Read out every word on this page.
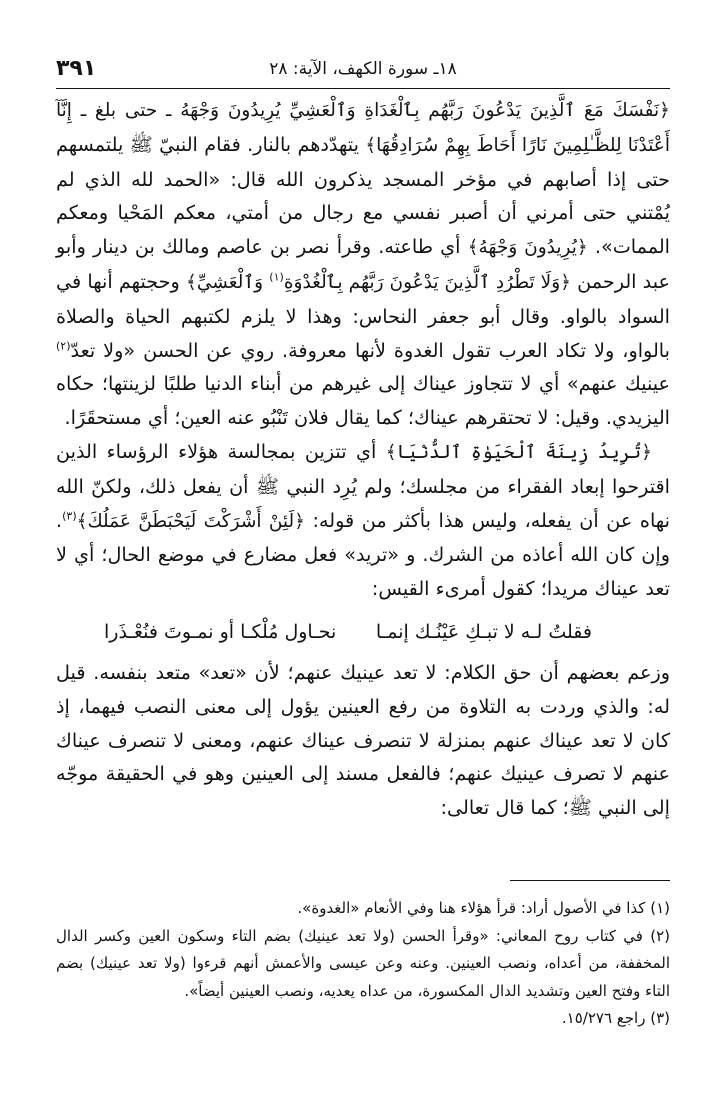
١٨ـ سورة الكهف، الآية: ٢٨
٣٩١

﴿نَفْسَكَ مَعَ ٱلَّذِينَ يَدْعُونَ رَبَّهُم بِٱلْغَدَاةِ وَٱلْعَشِيِّ يُرِيدُونَ وَجْهَهُ ـ حتى بلغ ـ إِنَّآ أَعْتَدْنَا لِلظَّـٰلِمِينَ نَارًا أَحَاطَ بِهِمْ سُرَادِقُهَا﴾ يتهدّدهم بالنار. فقام النبيّ ﷺ يلتمسهم حتى إذا أصابهم في مؤخر المسجد يذكرون الله قال: «الحمد لله الذي لم يُمْتني حتى أمرني أن أصبر نفسي مع رجال من أمتي، معكم المَحْيا ومعكم الممات». ﴿يُرِيدُونَ وَجْهَهُ﴾ أي طاعته. وقرأ نصر بن عاصم ومالك بن دينار وأبو عبد الرحمن ﴿وَلَا تَطْرُدِ ٱلَّذِينَ يَدْعُونَ رَبَّهُم بِٱلْغُدْوَةِ$^{(١)}$ وَٱلْعَشِيِّ﴾ وحجتهم أنها في السواد بالواو. وقال أبو جعفر النحاس: وهذا لا يلزم لكتبهم الحياة والصلاة بالواو، ولا تكاد العرب تقول الغدوة لأنها معروفة. روي عن الحسن «ولا تعدّ$^{(٢)}$ عينيك عنهم» أي لا تتجاوز عيناك إلى غيرهم من أبناء الدنيا طلبًا لزينتها؛ حكاه اليزيدي. وقيل: لا تحتقرهم عيناك؛ كما يقال فلان تَنْبُو عنه العين؛ أي مستحقَرًا.

﴿تُرِيدُ زِينَةَ ٱلْحَيَوٰةِ ٱلدُّنْيَا﴾ أي تتزين بمجالسة هؤلاء الرؤساء الذين اقترحوا إبعاد الفقراء من مجلسك؛ ولم يُرِد النبي ﷺ أن يفعل ذلك، ولكنّ الله نهاه عن أن يفعله، وليس هذا بأكثر من قوله: ﴿لَئِنْ أَشْرَكْتَ لَيَحْبَطَنَّ عَمَلُكَ﴾$^{(٣)}$. وإن كان الله أعاذه من الشرك. و «تريد» فعل مضارع في موضع الحال؛ أي لا تعد عيناك مريدا؛ كقول أمرىء القيس:

فقلتُ لـه لا تبـكِ عَيْنُـك إنمـا
نحـاول مُلْكـا أو نمـوتَ فنُعْـذَرا

وزعم بعضهم أن حق الكلام: لا تعد عينيك عنهم؛ لأن «تعد» متعد بنفسه. قيل له: والذي وردت به التلاوة من رفع العينين يؤول إلى معنى النصب فيهما، إذ كان لا تعد عيناك عنهم بمنزلة لا تنصرف عيناك عنهم، ومعنى لا تنصرف عيناك عنهم لا تصرف عينيك عنهم؛ فالفعل مسند إلى العينين وهو في الحقيقة موجّه إلى النبي ﷺ؛ كما قال تعالى:

(١) كذا في الأصول أراد: قرأ هؤلاء هنا وفي الأنعام «الغدوة».

(٢) في كتاب روح المعاني: «وقرأ الحسن (ولا تعد عينيك) بضم التاء وسكون العين وكسر الدال المخففة، من أعداه، ونصب العينين. وعنه وعن عيسى والأعمش أنهم قرءوا (ولا تعد عينيك) بضم التاء وفتح العين وتشديد الدال المكسورة، من عداه يعديه، ونصب العينين أيضاً».

(٣) راجع ١٥/٢٧٦.
